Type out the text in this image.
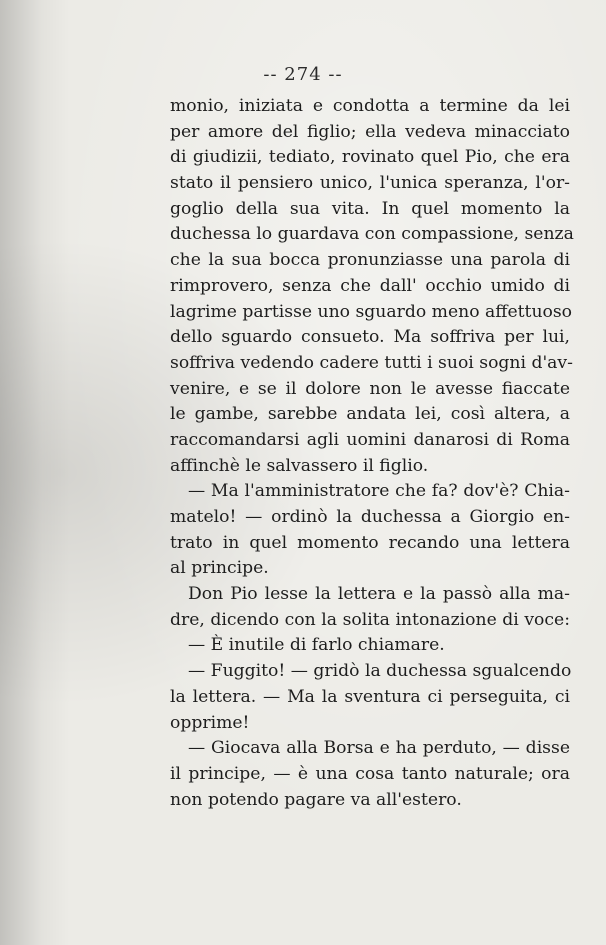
-- 274 --
monio, iniziata e condotta a termine da lei
per amore del figlio; ella vedeva minacciato
di giudizii, tediato, rovinato quel Pio, che era
stato il pensiero unico, l'unica speranza, l'or-
goglio della sua vita. In quel momento la
duchessa lo guardava con compassione, senza
che la sua bocca pronunziasse una parola di
rimprovero, senza che dall' occhio umido di
lagrime partisse uno sguardo meno affettuoso
dello sguardo consueto. Ma soffriva per lui,
soffriva vedendo cadere tutti i suoi sogni d'av-
venire, e se il dolore non le avesse fiaccate
le gambe, sarebbe andata lei, così altera, a
raccomandarsi agli uomini danarosi di Roma
affinchè le salvassero il figlio.
— Ma l'amministratore che fa? dov'è? Chia-
matelo! — ordinò la duchessa a Giorgio en-
trato in quel momento recando una lettera
al principe.
Don Pio lesse la lettera e la passò alla ma-
dre, dicendo con la solita intonazione di voce:
— È inutile di farlo chiamare.
— Fuggito! — gridò la duchessa sgualcendo
la lettera. — Ma la sventura ci perseguita, ci
opprime!
— Giocava alla Borsa e ha perduto, — disse
il principe, — è una cosa tanto naturale; ora
non potendo pagare va all'estero.
